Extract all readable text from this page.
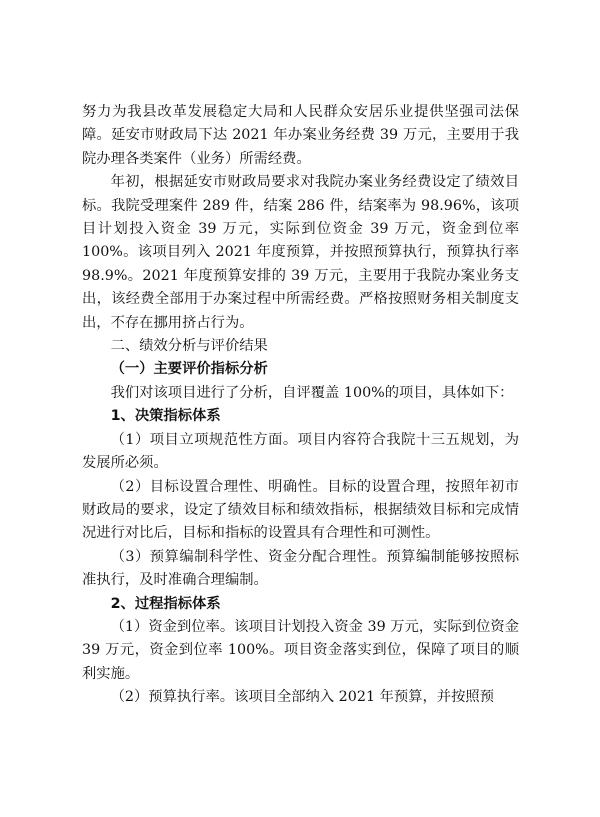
努力为我县改革发展稳定大局和人民群众安居乐业提供坚强司法保障。延安市财政局下达 2021 年办案业务经费 39 万元，主要用于我院办理各类案件（业务）所需经费。

年初，根据延安市财政局要求对我院办案业务经费设定了绩效目标。我院受理案件 289 件，结案 286 件，结案率为 98.96%，该项目计划投入资金 39 万元，实际到位资金 39 万元，资金到位率 100%。该项目列入 2021 年度预算，并按照预算执行，预算执行率 98.9%。2021 年度预算安排的 39 万元，主要用于我院办案业务支出，该经费全部用于办案过程中所需经费。严格按照财务相关制度支出，不存在挪用挤占行为。

二、绩效分析与评价结果

（一）主要评价指标分析

我们对该项目进行了分析，自评覆盖 100%的项目，具体如下：

1、决策指标体系

（1）项目立项规范性方面。项目内容符合我院十三五规划，为发展所必须。

（2）目标设置合理性、明确性。目标的设置合理，按照年初市财政局的要求，设定了绩效目标和绩效指标，根据绩效目标和完成情况进行对比后，目标和指标的设置具有合理性和可测性。

（3）预算编制科学性、资金分配合理性。预算编制能够按照标准执行，及时准确合理编制。

2、过程指标体系

（1）资金到位率。该项目计划投入资金 39 万元，实际到位资金 39 万元，资金到位率 100%。项目资金落实到位，保障了项目的顺利实施。

（2）预算执行率。该项目全部纳入 2021 年预算，并按照预
